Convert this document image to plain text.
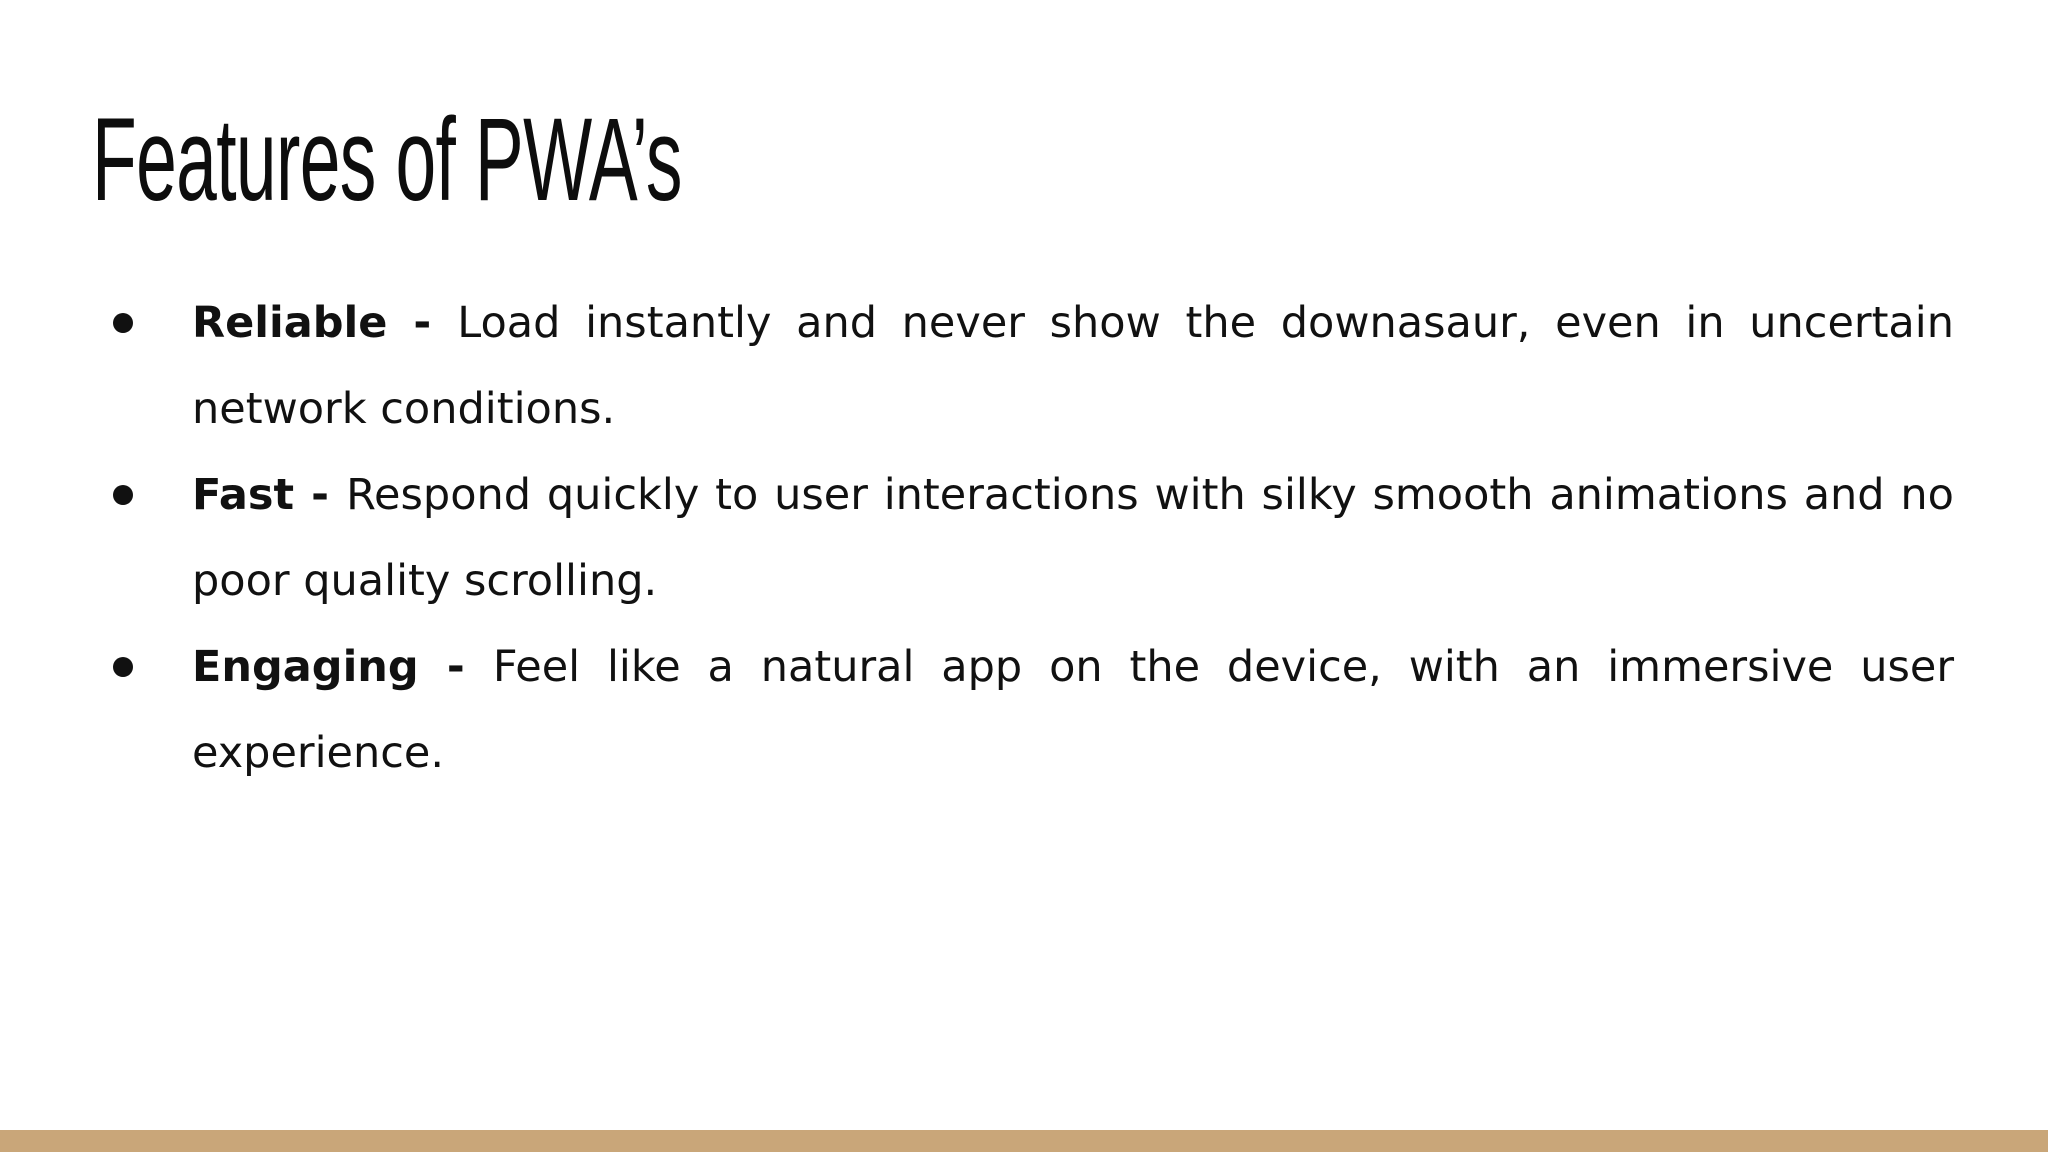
Features of PWA’s
Reliable - Load instantly and never show the downasaur, even in uncertain network conditions.
Fast - Respond quickly to user interactions with silky smooth animations and no poor quality scrolling.
Engaging - Feel like a natural app on the device, with an immersive user experience.
